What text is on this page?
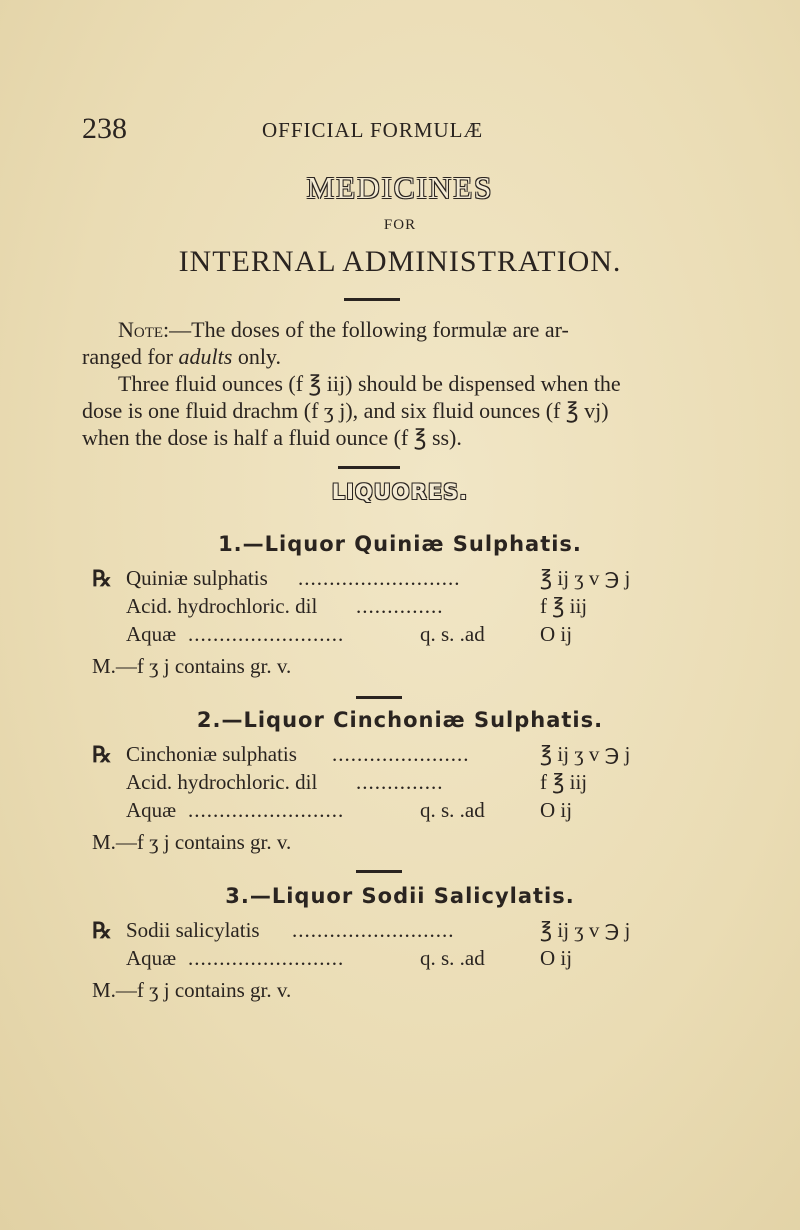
238	OFFICIAL FORMULÆ
MEDICINES
FOR
INTERNAL ADMINISTRATION.

Note:—The doses of the following formulæ are ar-

ranged for adults only.

Three fluid ounces (f ℥ iij) should be dispensed when the dose is one fluid drachm (f ʒ j), and six fluid ounces (f ℥ vj) when the dose is half a fluid ounce (f ℥ ss).

LIQUORES.
1.—Liquor Quiniæ Sulphatis.
℞ Quiniæ sulphatis ..........................	℥ ij ʒ v ℈ j
Acid. hydrochloric. dil ..............	f ℥ iij
Aquæ .........................	q. s. .ad	O ij
M.—f ʒ j contains gr. v.
2.—Liquor Cinchoniæ Sulphatis.
℞ Cinchoniæ sulphatis ......................	℥ ij ʒ v ℈ j
Acid. hydrochloric. dil ..............	f ℥ iij
Aquæ .........................	q. s. .ad	O ij
M.—f ʒ j contains gr. v.
3.—Liquor Sodii Salicylatis.
℞ Sodii salicylatis ..........................	℥ ij ʒ v ℈ j
Aquæ .........................	q. s. .ad	O ij
M.—f ʒ j contains gr. v.
